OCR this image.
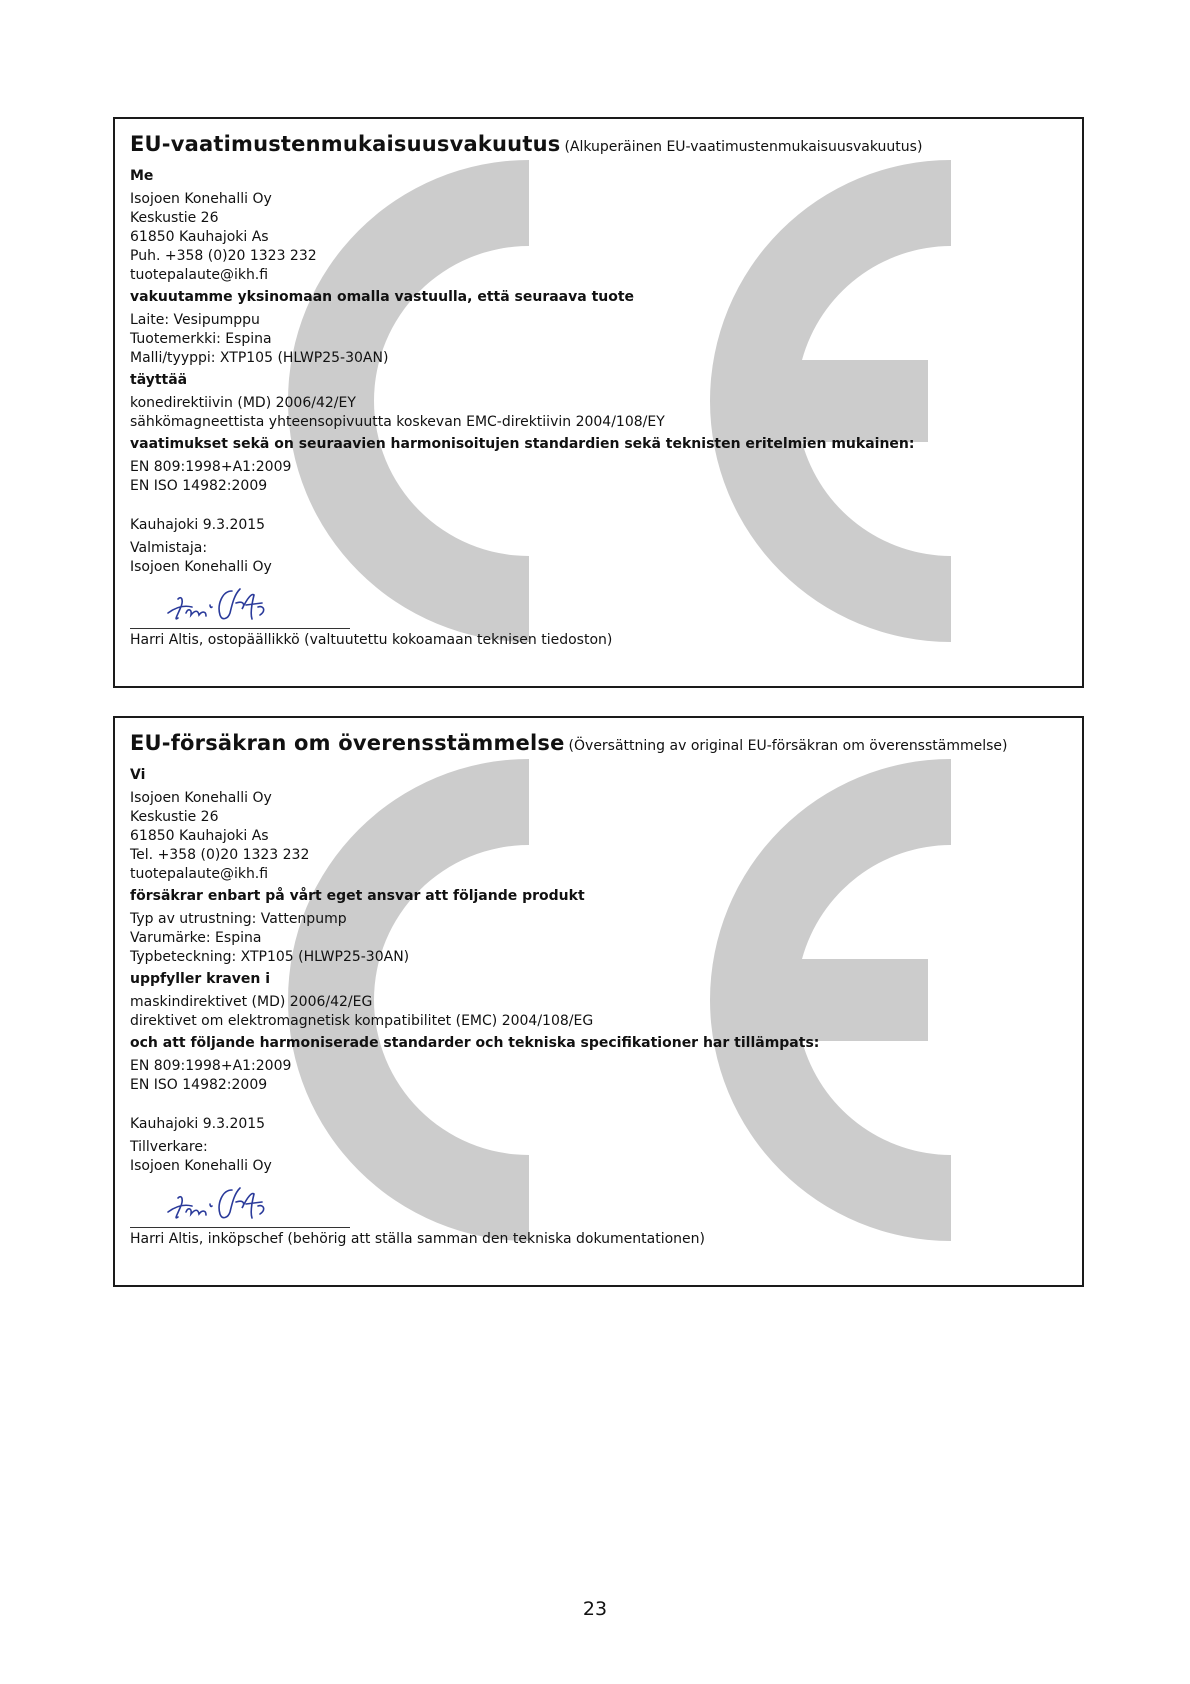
EU-vaatimustenmukaisuusvakuutus (Alkuperäinen EU-vaatimustenmukaisuusvakuutus)
Me
Isojoen Konehalli Oy
Keskustie 26
61850 Kauhajoki As
Puh. +358 (0)20 1323 232
tuotepalaute@ikh.fi
vakuutamme yksinomaan omalla vastuulla, että seuraava tuote
Laite: Vesipumppu
Tuotemerkki: Espina
Malli/tyyppi: XTP105 (HLWP25-30AN)
täyttää
konedirektiivin (MD) 2006/42/EY
sähkömagneettista yhteensopivuutta koskevan EMC-direktiivin 2004/108/EY
vaatimukset sekä on seuraavien harmonisoitujen standardien sekä teknisten eritelmien mukainen:
EN 809:1998+A1:2009
EN ISO 14982:2009
Kauhajoki 9.3.2015
Valmistaja:
Isojoen Konehalli Oy
Harri Altis, ostopäällikkö (valtuutettu kokoamaan teknisen tiedoston)
EU-försäkran om överensstämmelse (Översättning av original EU-försäkran om överensstämmelse)
Vi
Isojoen Konehalli Oy
Keskustie 26
61850 Kauhajoki As
Tel. +358 (0)20 1323 232
tuotepalaute@ikh.fi
försäkrar enbart på vårt eget ansvar att följande produkt
Typ av utrustning: Vattenpump
Varumärke: Espina
Typbeteckning: XTP105 (HLWP25-30AN)
uppfyller kraven i
maskindirektivet (MD) 2006/42/EG
direktivet om elektromagnetisk kompatibilitet (EMC) 2004/108/EG
och att följande harmoniserade standarder och tekniska specifikationer har tillämpats:
EN 809:1998+A1:2009
EN ISO 14982:2009
Kauhajoki 9.3.2015
Tillverkare:
Isojoen Konehalli Oy
Harri Altis, inköpschef (behörig att ställa samman den tekniska dokumentationen)
23
